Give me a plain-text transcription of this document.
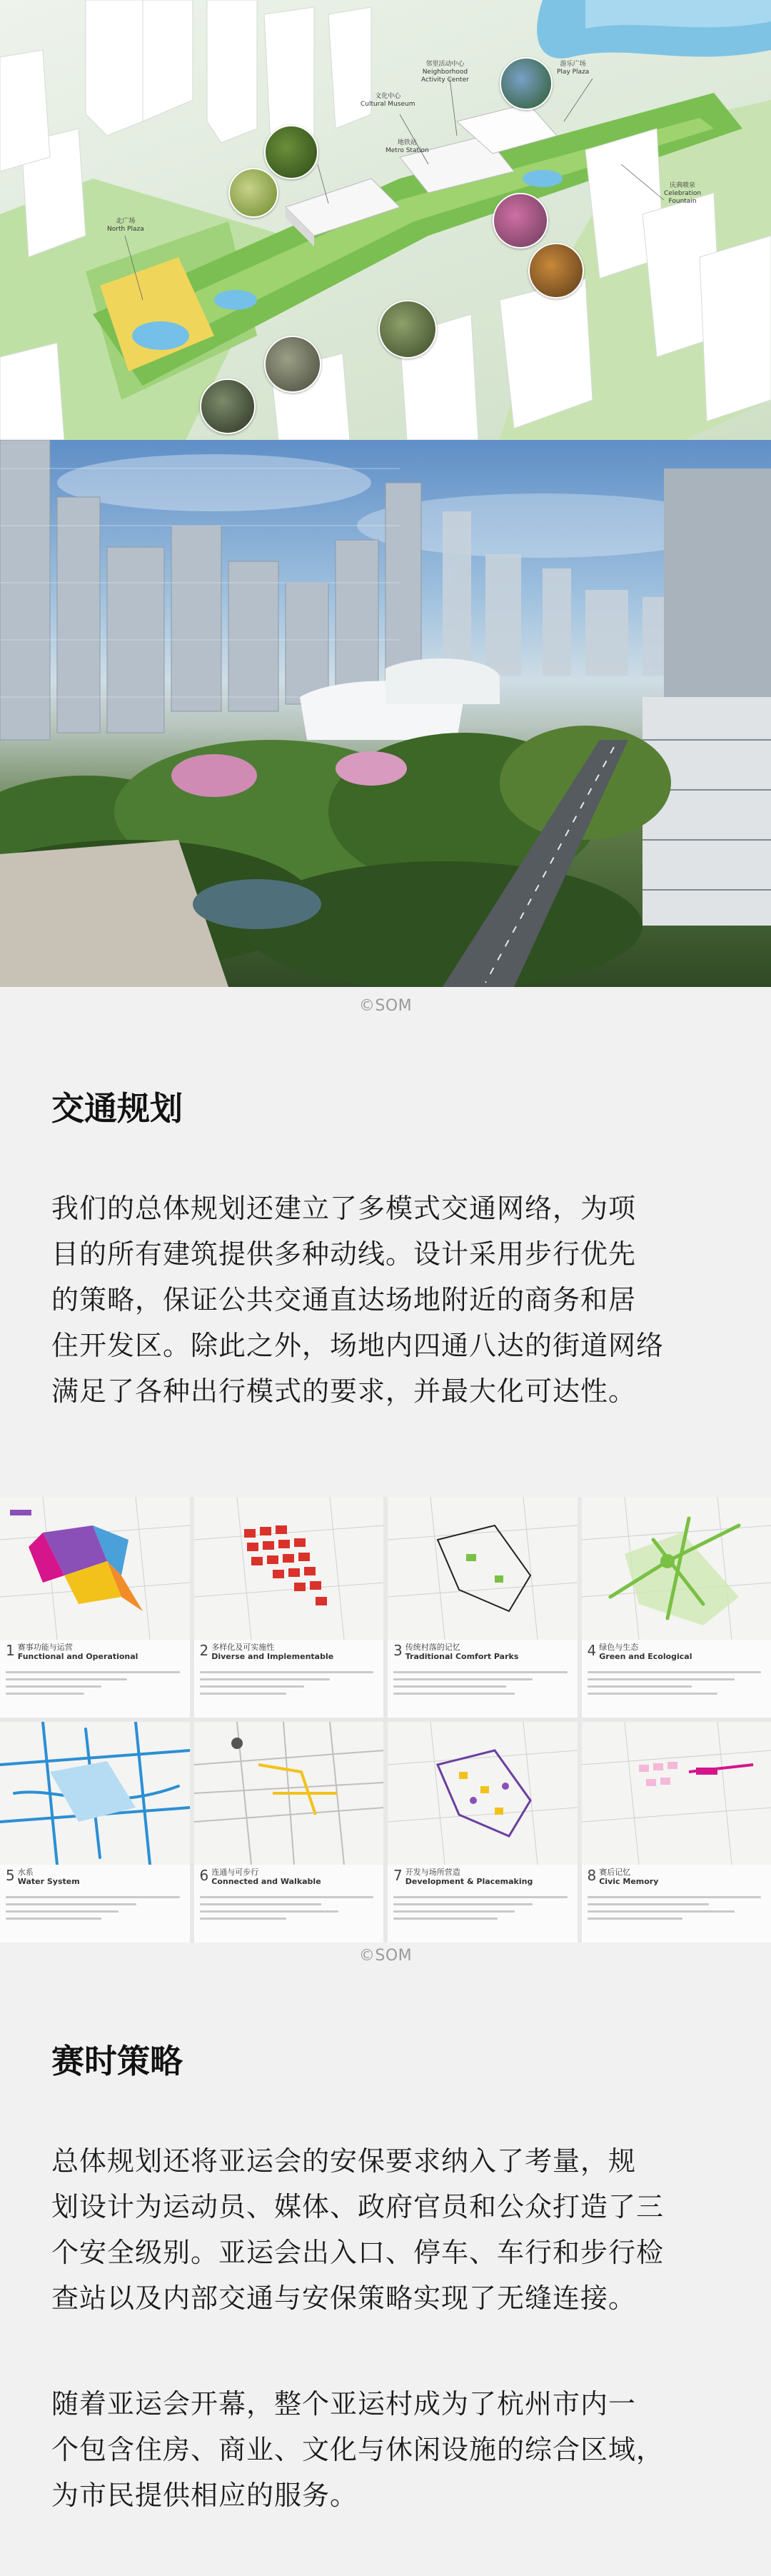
北广场
North Plaza
文化中心
Cultural Museum
邻里活动中心
Neighborhood
Activity Center
地铁站
Metro Station
游乐广场
Play Plaza
庆典喷泉
Celebration
Fountain
©SOM
交通规划
我们的总体规划还建立了多模式交通网络，为项
目的所有建筑提供多种动线。设计采用步行优先
的策略，保证公共交通直达场地附近的商务和居
住开发区。除此之外，场地内四通八达的街道网络
满足了各种出行模式的要求，并最大化可达性。
1 赛事功能与运营
Functional and Operational	2 多样化及可实施性
Diverse and Implementable	3 传统村落的记忆
Traditional Comfort Parks	4 绿色与生态
Green and Ecological
5 水系
Water System	6 连通与可步行
Connected and Walkable	7 开发与场所营造
Development & Placemaking	8 赛后记忆
Civic Memory
©SOM
赛时策略
总体规划还将亚运会的安保要求纳入了考量，规
划设计为运动员、媒体、政府官员和公众打造了三
个安全级别。亚运会出入口、停车、车行和步行检
查站以及内部交通与安保策略实现了无缝连接。
随着亚运会开幕，整个亚运村成为了杭州市内一
个包含住房、商业、文化与休闲设施的综合区域，
为市民提供相应的服务。
